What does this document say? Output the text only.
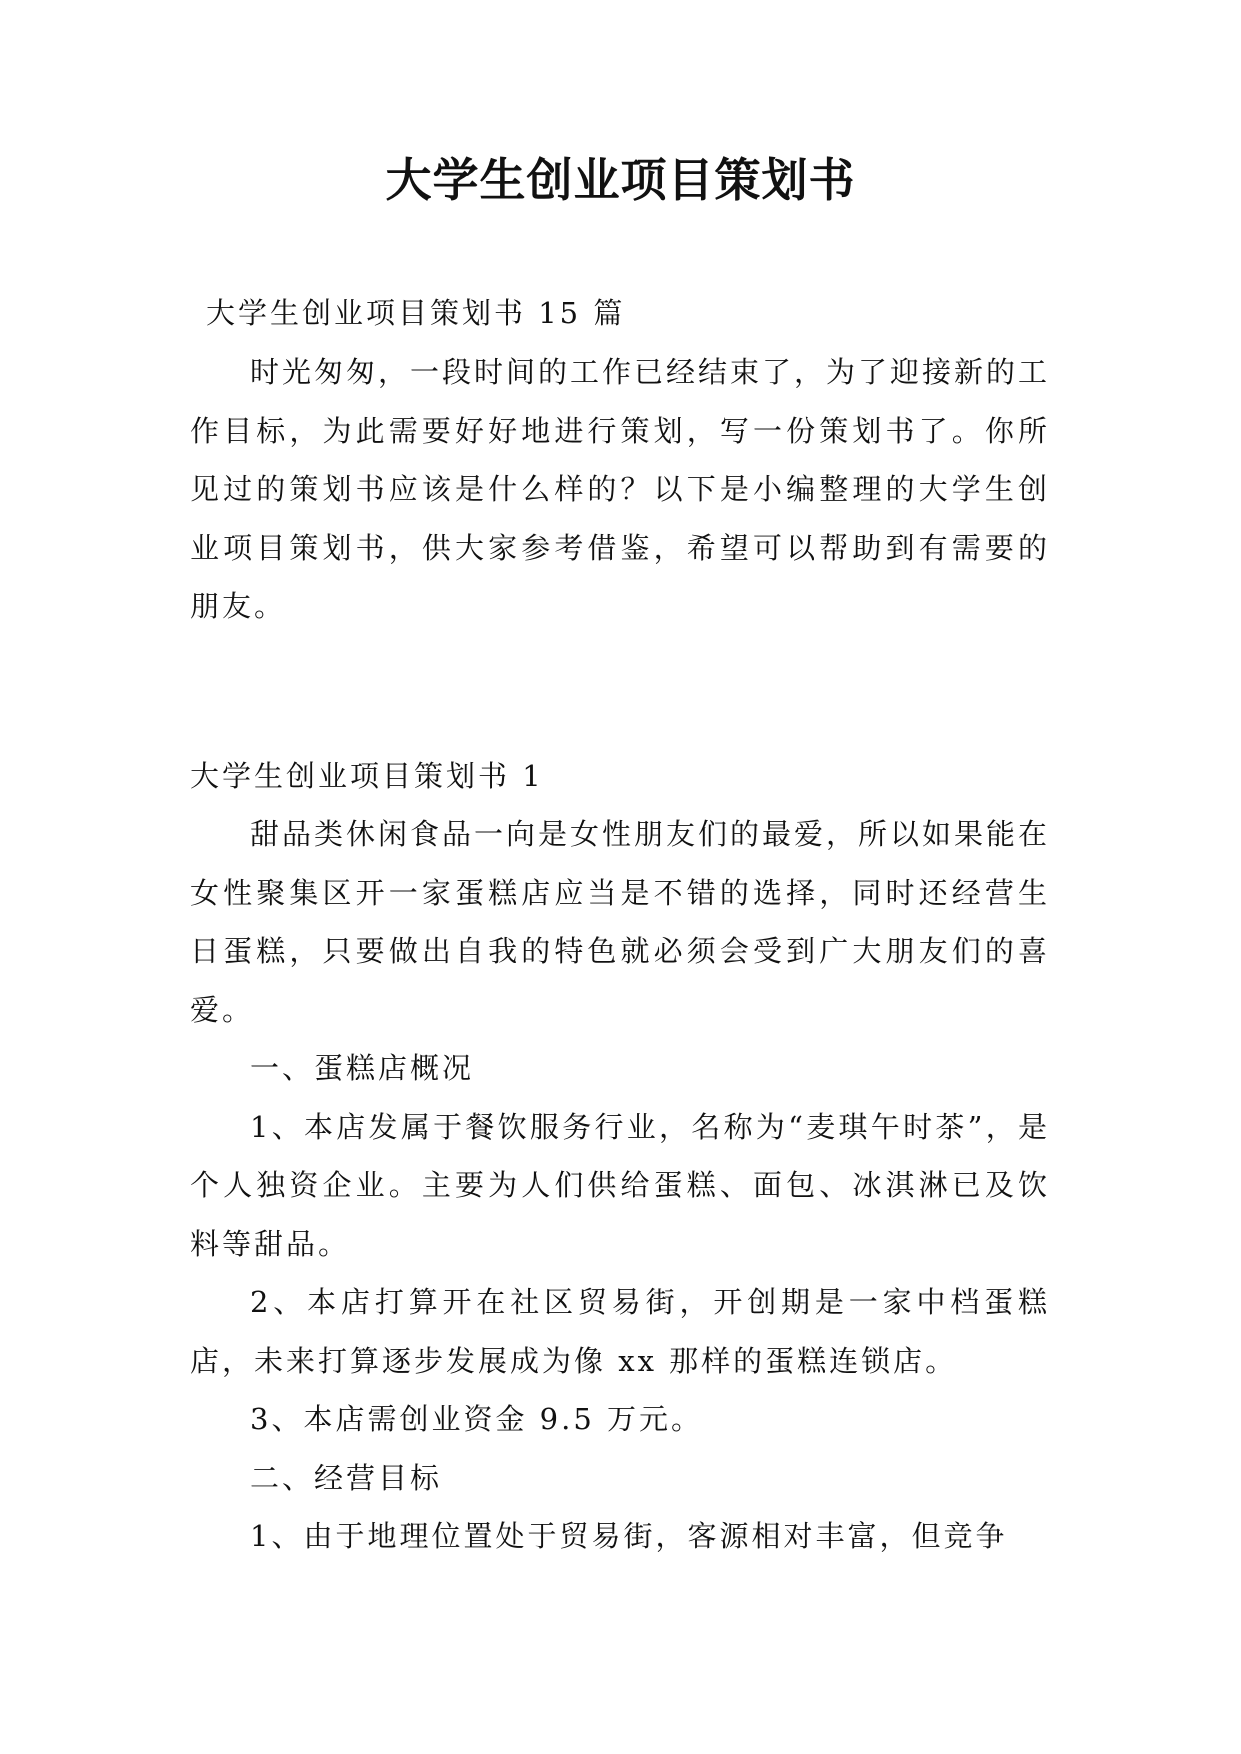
大学生创业项目策划书
大学生创业项目策划书 15 篇

时光匆匆，一段时间的工作已经结束了，为了迎接新的工作目标，为此需要好好地进行策划，写一份策划书了。你所见过的策划书应该是什么样的？以下是小编整理的大学生创业项目策划书，供大家参考借鉴，希望可以帮助到有需要的朋友。

大学生创业项目策划书 1

甜品类休闲食品一向是女性朋友们的最爱，所以如果能在女性聚集区开一家蛋糕店应当是不错的选择，同时还经营生日蛋糕，只要做出自我的特色就必须会受到广大朋友们的喜爱。

一、蛋糕店概况

1、本店发属于餐饮服务行业，名称为“麦琪午时茶”，是个人独资企业。主要为人们供给蛋糕、面包、冰淇淋已及饮料等甜品。

2、本店打算开在社区贸易街，开创期是一家中档蛋糕店，未来打算逐步发展成为像 xx 那样的蛋糕连锁店。

3、本店需创业资金 9.5 万元。

二、经营目标

1、由于地理位置处于贸易街，客源相对丰富，但竞争
